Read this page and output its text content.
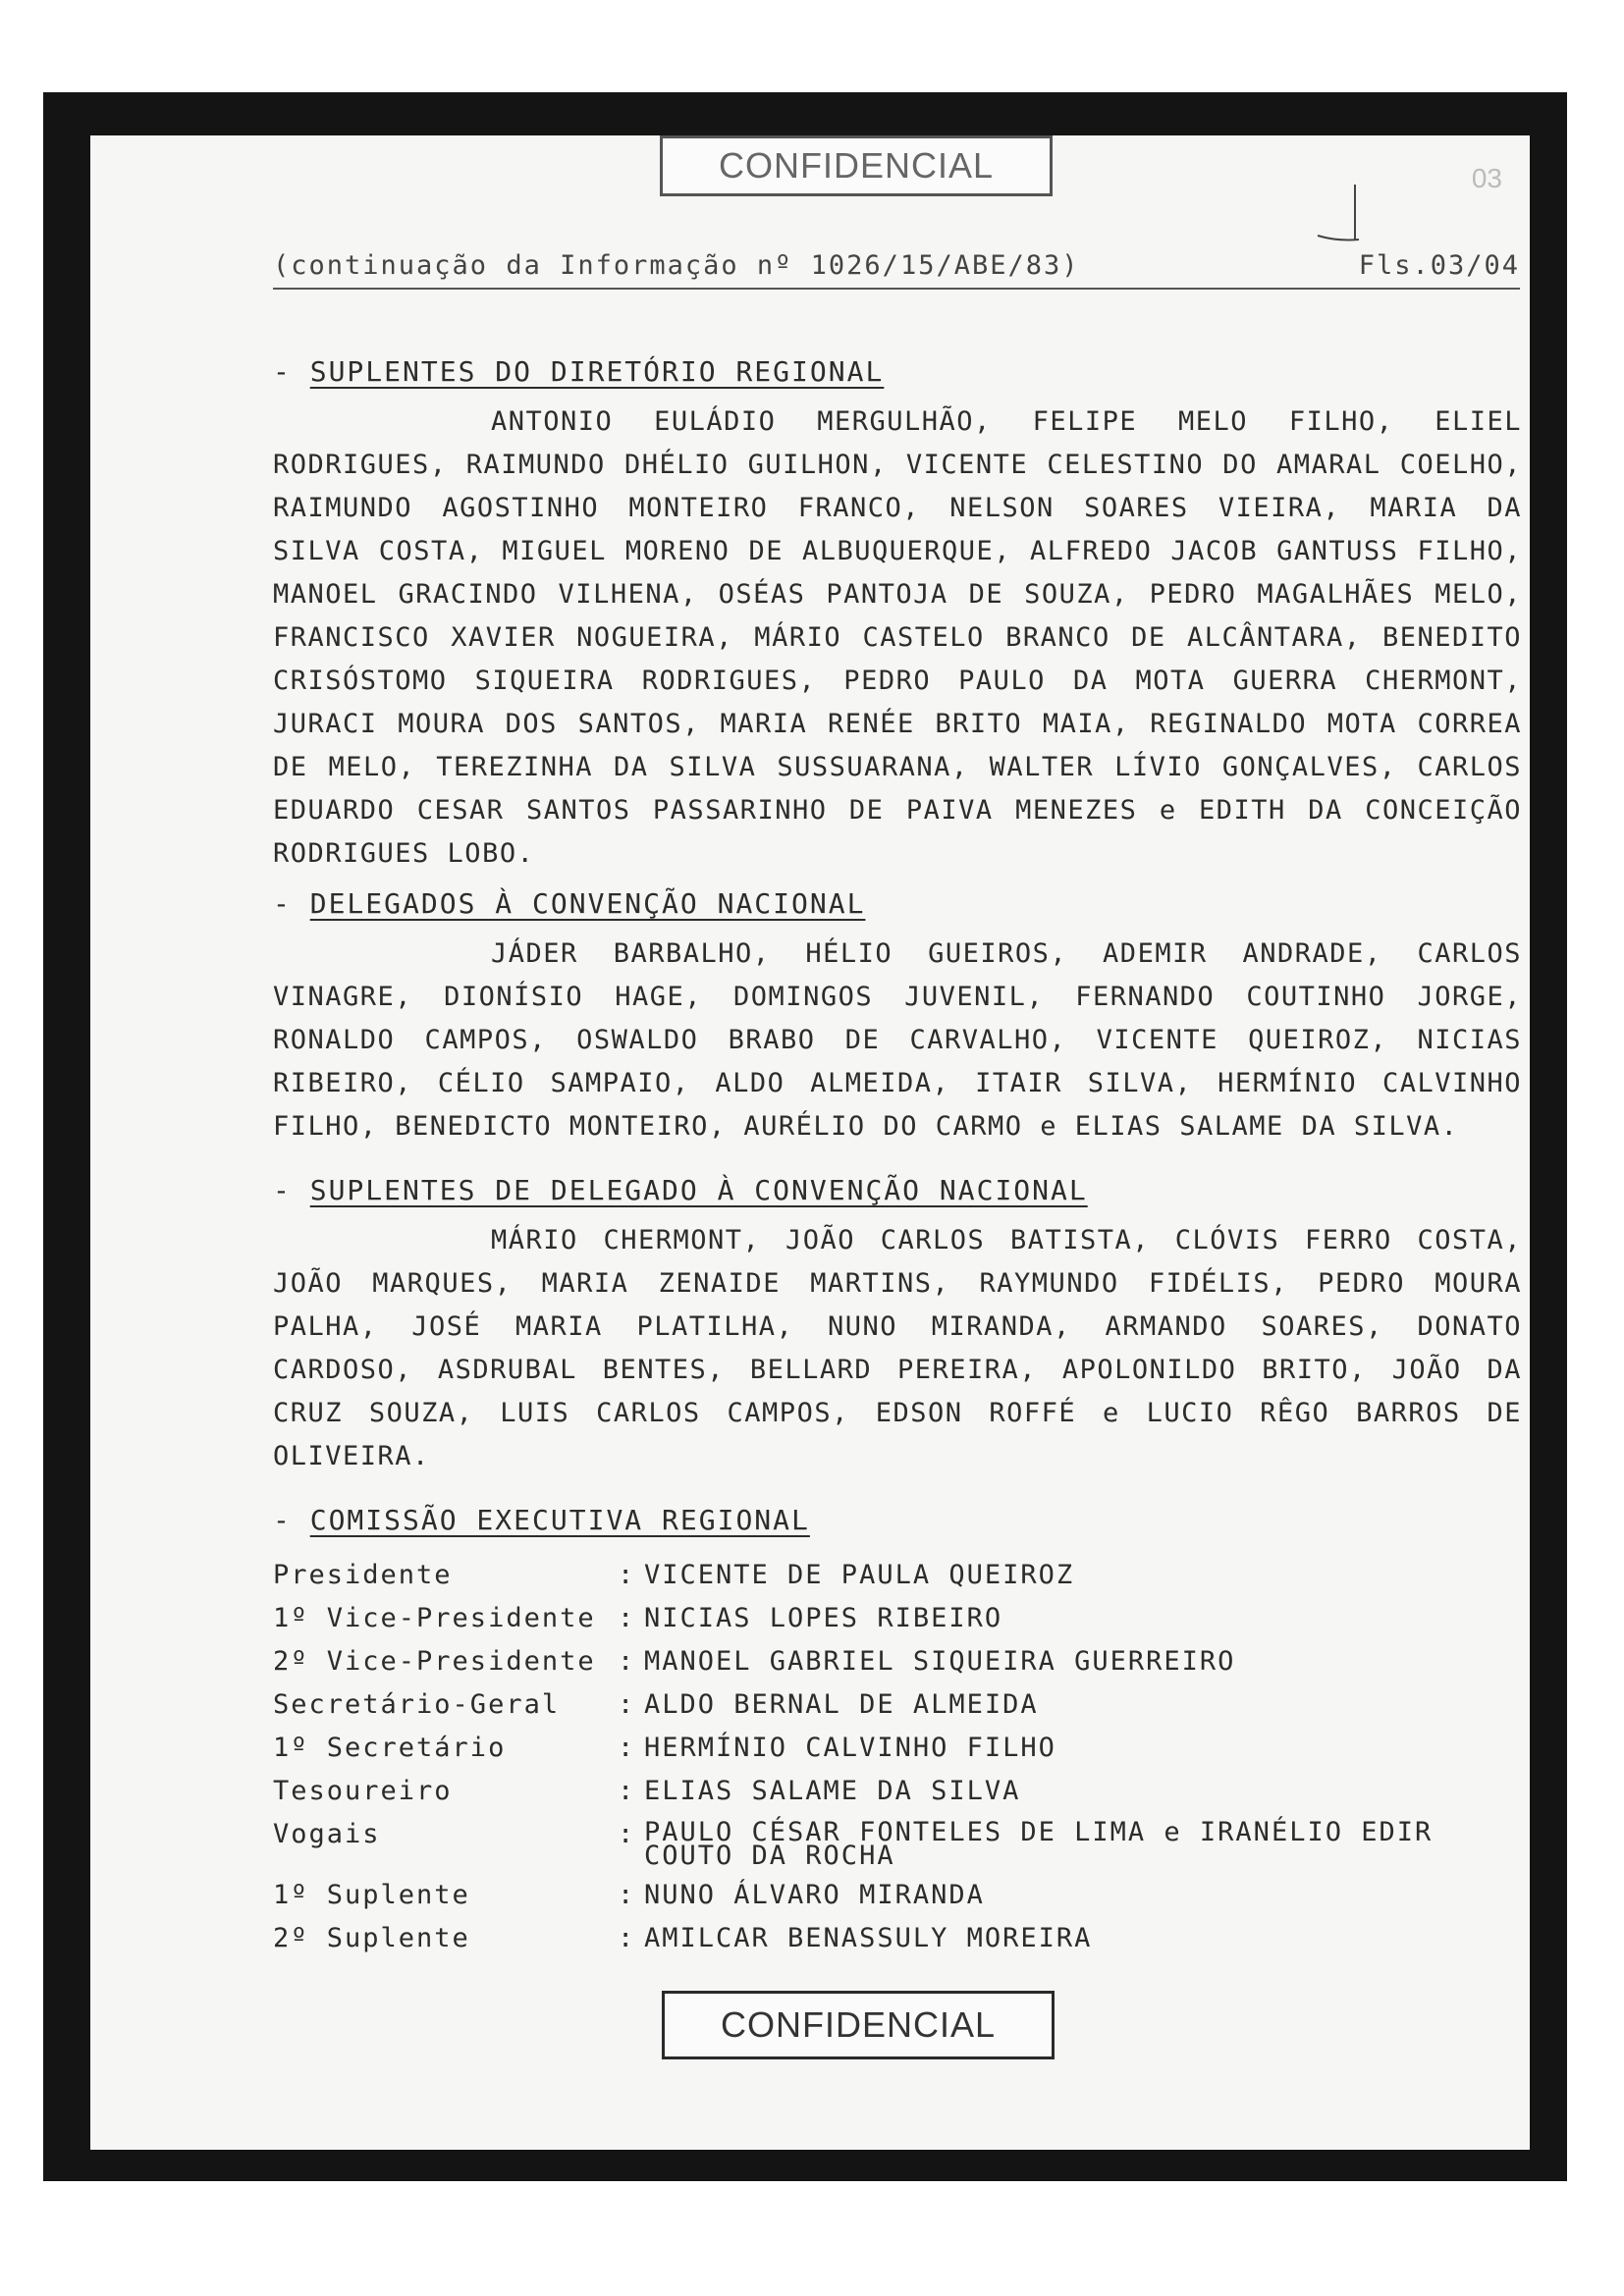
CONFIDENCIAL	03
(continuação da Informação nº 1026/15/ABE/83)	Fls.03/04
- SUPLENTES DO DIRETÓRIO REGIONAL

ANTONIO EULÁDIO MERGULHÃO, FELIPE MELO FILHO, ELIEL RODRIGUES, RAIMUNDO DHÉLIO GUILHON, VICENTE CELESTINO DO AMARAL COELHO, RAIMUNDO AGOSTINHO MONTEIRO FRANCO, NELSON SOARES VIEIRA, MARIA DA SILVA COSTA, MIGUEL MORENO DE ALBUQUERQUE, ALFREDO JACOB GANTUSS FILHO, MANOEL GRACINDO VILHENA, OSÉAS PANTOJA DE SOUZA, PEDRO MAGALHÃES MELO, FRANCISCO XAVIER NOGUEIRA, MÁRIO CASTELO BRANCO DE ALCÂNTARA, BENEDITO CRISÓSTOMO SIQUEIRA RODRIGUES, PEDRO PAULO DA MOTA GUERRA CHERMONT, JURACI MOURA DOS SANTOS, MARIA RENÉE BRITO MAIA, REGINALDO MOTA CORREA DE MELO, TEREZINHA DA SILVA SUSSUARANA, WALTER LÍVIO GONÇALVES, CARLOS EDUARDO CESAR SANTOS PASSARINHO DE PAIVA MENEZES e EDITH DA CONCEIÇÃO RODRIGUES LOBO.

- DELEGADOS À CONVENÇÃO NACIONAL

JÁDER BARBALHO, HÉLIO GUEIROS, ADEMIR ANDRADE, CARLOS VINAGRE, DIONÍSIO HAGE, DOMINGOS JUVENIL, FERNANDO COUTINHO JORGE, RONALDO CAMPOS, OSWALDO BRABO DE CARVALHO, VICENTE QUEIROZ, NICIAS RIBEIRO, CÉLIO SAMPAIO, ALDO ALMEIDA, ITAIR SILVA, HERMÍNIO CALVINHO FILHO, BENEDICTO MONTEIRO, AURÉLIO DO CARMO e ELIAS SALAME DA SILVA.

- SUPLENTES DE DELEGADO À CONVENÇÃO NACIONAL

MÁRIO CHERMONT, JOÃO CARLOS BATISTA, CLÓVIS FERRO COSTA, JOÃO MARQUES, MARIA ZENAIDE MARTINS, RAYMUNDO FIDÉLIS, PEDRO MOURA PALHA, JOSÉ MARIA PLATILHA, NUNO MIRANDA, ARMANDO SOARES, DONATO CARDOSO, ASDRUBAL BENTES, BELLARD PEREIRA, APOLONILDO BRITO, JOÃO DA CRUZ SOUZA, LUIS CARLOS CAMPOS, EDSON ROFFÉ e LUCIO RÊGO BARROS DE OLIVEIRA.

- COMISSÃO EXECUTIVA REGIONAL
Presidente	: VICENTE DE PAULA QUEIROZ
1º Vice-Presidente : NICIAS LOPES RIBEIRO
2º Vice-Presidente : MANOEL GABRIEL SIQUEIRA GUERREIRO
Secretário-Geral : ALDO BERNAL DE ALMEIDA
1º Secretário	: HERMÍNIO CALVINHO FILHO
Tesoureiro	: ELIAS SALAME DA SILVA
Vogais	: PAULO CÉSAR FONTELES DE LIMA e IRANÉLIO EDIR COUTO DA ROCHA
1º Suplente	: NUNO ÁLVARO MIRANDA
2º Suplente	: AMILCAR BENASSULY MOREIRA
CONFIDENCIAL
